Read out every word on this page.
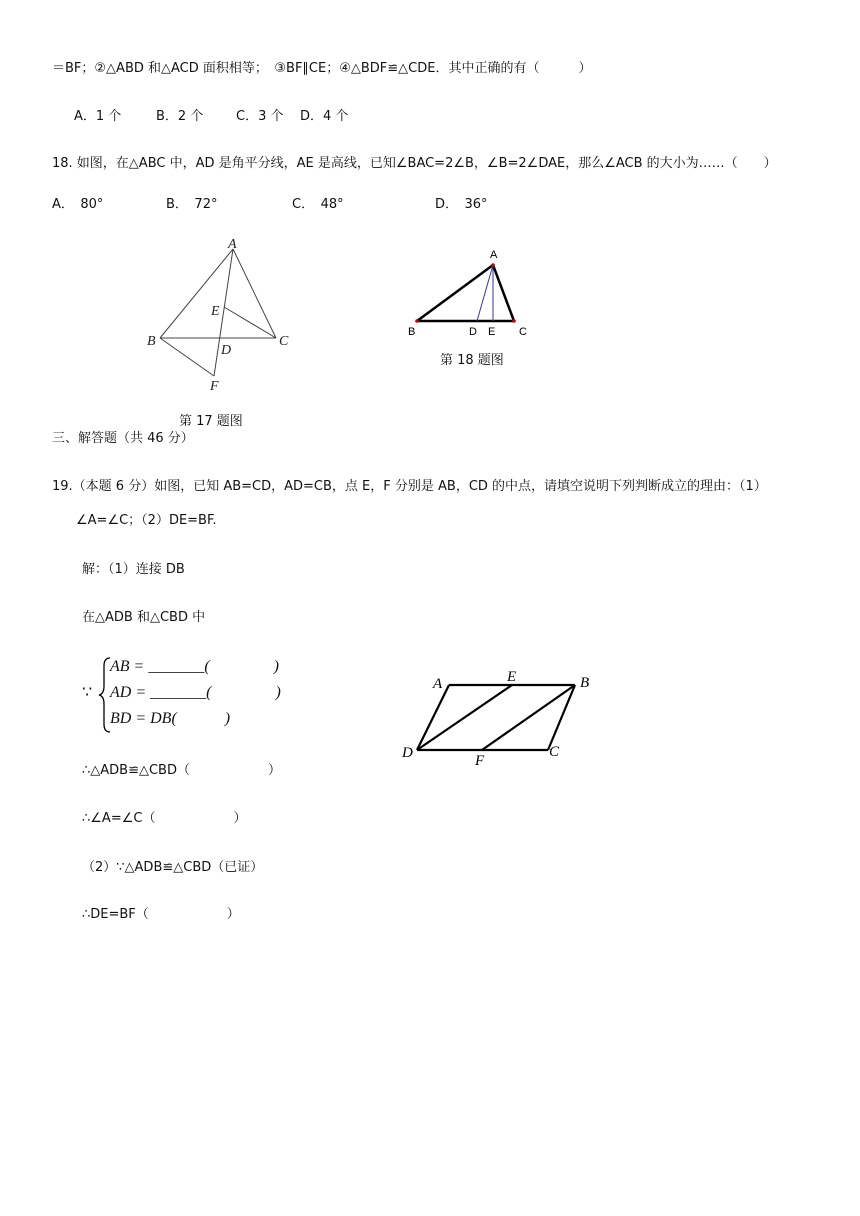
＝BF；②△ABD 和△ACD 面积相等；　③BF∥CE；④△BDF≌△CDE．其中正确的有（　　　）
A．1 个	B．2 个	C．3 个 D．4 个
18. 如图，在△ABC 中，AD 是角平分线，AE 是高线，已知∠BAC=2∠B，∠B=2∠DAE，那么∠ACB 的大小为……（　　）
A．　80°	B．　72°	C．　48°	D．　36°
A
B	C
D
E
F
第 17 题图
A
B	C
D E
第 18 题图
三、解答题（共 46 分）
19.（本题 6 分）如图，已知 AB=CD，AD=CB，点 E，F 分别是 AB，CD 的中点，请填空说明下列判断成立的理由：（1）
∠A=∠C；（2）DE=BF.
解：（1）连接 DB
在△ADB 和△CBD 中
∵
AB = _______(　　　　)
AD = _______(　　　　)
BD = DB(　　　)
∴△ADB≌△CBD（　　　　　　）
∴∠A=∠C（　　　　　　）
（2）∵△ADB≌△CBD（已证）
∴DE=BF（　　　　　　）
A	E	B
D	F
C
